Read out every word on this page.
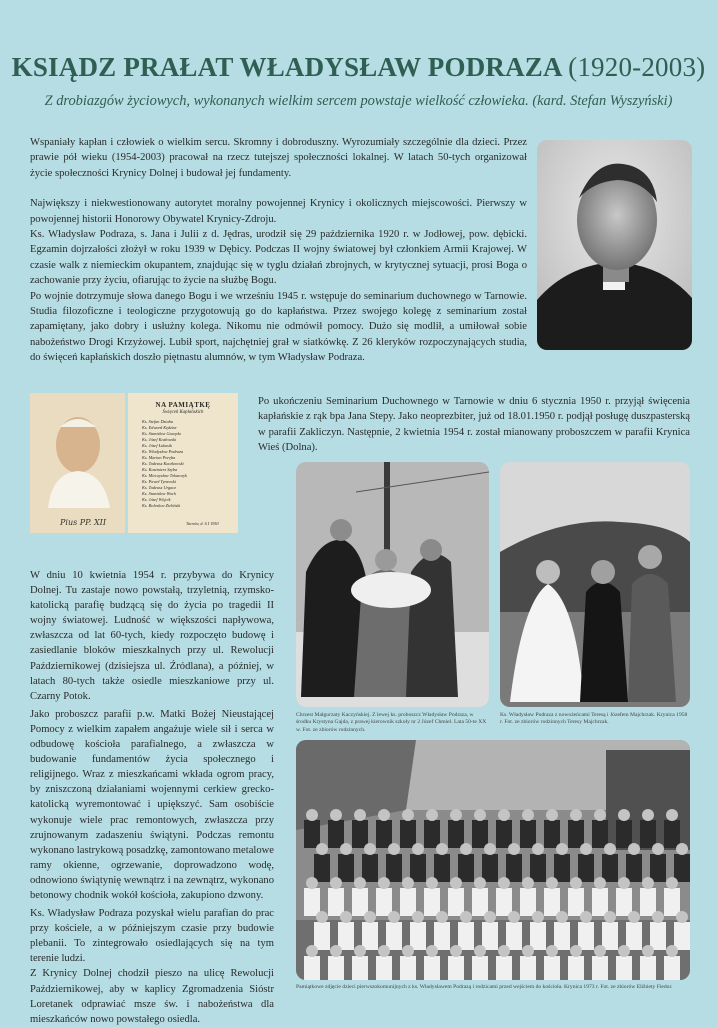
KSIĄDZ PRAŁAT WŁADYSŁAW PODRAZA (1920-2003)
Z drobiazgów życiowych, wykonanych wielkim sercem powstaje wielkość człowieka. (kard. Stefan Wyszyński)

Wspaniały kapłan i człowiek o wielkim sercu. Skromny i dobroduszny. Wyrozumiały szczególnie dla dzieci. Przez prawie pół wieku (1954-2003) pracował na rzecz tutejszej społeczności lokalnej. W latach 50-tych organizował życie społeczności Krynicy Dolnej i budował jej fundamenty.

Największy i niekwestionowany autorytet moralny powojennej Krynicy i okolicznych miejscowości. Pierwszy w powojennej historii Honorowy Obywatel Krynicy-Zdroju.

Ks. Władysław Podraza, s. Jana i Julii z d. Jędras, urodził się 29 października 1920 r. w Jodłowej, pow. dębicki. Egzamin dojrzałości złożył w roku 1939 w Dębicy. Podczas II wojny światowej był członkiem Armii Krajowej. W czasie walk z niemieckim okupantem, znajdując się w tyglu działań zbrojnych, w krytycznej sytuacji, prosi Boga o zachowanie przy życiu, ofiarując to życie na służbę Bogu.

Po wojnie dotrzymuje słowa danego Bogu i we wrześniu 1945 r. wstępuje do seminarium duchownego w Tarnowie. Studia filozoficzne i teologiczne przygotowują go do kapłaństwa. Przez swojego kolegę z seminarium został zapamiętany, jako dobry i usłużny kolega. Nikomu nie odmówił pomocy. Dużo się modlił, a umiłował sobie nabożeństwo Drogi Krzyżowej. Lubił sport, najchętniej grał w siatkówkę. Z 26 kleryków rozpoczynających studia, do święceń kapłańskich doszło piętnastu alumnów, w tym Władysław Podraza.

Pius PP. XII
NA PAMIĄTKĘ
Święceń Kapłańskich
Ks. Stefan Dziuba
Ks. Edward Kędzior
Ks. Stanisław Gawęda
Ks. Józef Kozłowski
Ks. Józef Łukasik
Ks. Władysław Podraza
Ks. Marian Poręba
Ks. Tadeusz Kaczkowski
Ks. Kazimierz Szyba
Ks. Mieczysław Tokarczyk
Ks. Paweł Tyrawski
Ks. Tadeusz Urgacz
Ks. Stanisław Wach
Ks. Józef Wójcik
Ks. Bolesław Zieliński
Tarnów, d. 6 I 1950
Po ukończeniu Seminarium Duchownego w Tarnowie w dniu 6 stycznia 1950 r. przyjął święcenia kapłańskie z rąk bpa Jana Stepy. Jako neoprezbiter, już od 18.01.1950 r. podjął posługę duszpasterską w parafii Zakliczyn. Następnie, 2 kwietnia 1954 r. został mianowany proboszczem w parafii Krynica Wieś (Dolna).

W dniu 10 kwietnia 1954 r. przybywa do Krynicy Dolnej. Tu zastaje nowo powstałą, trzyletnią, rzymsko-katolicką parafię budzącą się do życia po tragedii II wojny światowej. Ludność w większości napływowa, zwłaszcza od lat 60-tych, kiedy rozpoczęto budowę i zasiedlanie bloków mieszkalnych przy ul. Rewolucji Październikowej (dzisiejsza ul. Źródlana), a później, w latach 80-tych także osiedle mieszkaniowe przy ul. Czarny Potok.

Jako proboszcz parafii p.w. Matki Bożej Nieustającej Pomocy z wielkim zapałem angażuje wiele sił i serca w odbudowę kościoła parafialnego, a zwłaszcza w budowanie fundamentów życia społecznego i religijnego. Wraz z mieszkańcami wkłada ogrom pracy, by zniszczoną działaniami wojennymi cerkiew grecko-katolicką wyremontować i upiększyć. Sam osobiście wykonuje wiele prac remontowych, zwłaszcza przy zrujnowanym zadaszeniu świątyni. Podczas remontu wykonano lastrykową posadzkę, zamontowano metalowe ramy okienne, ogrzewanie, doprowadzono wodę, odnowiono świątynię wewnątrz i na zewnątrz, wykonano betonowy chodnik wokół kościoła, zakupiono dzwony.

Ks. Władysław Podraza pozyskał wielu parafian do prac przy kościele, a w późniejszym czasie przy budowie plebanii. To zintegrowało osiedlających się na tym terenie ludzi.

Z Krynicy Dolnej chodził pieszo na ulicę Rewolucji Październikowej, aby w kaplicy Zgromadzenia Sióstr Loretanek odprawiać msze św. i nabożeństwa dla mieszkańców nowo powstałego osiedla.

Chrzest Małgorzaty Kaczyńskiej. Z lewej ks. proboszcz Władysław Podraza, w środku Krystyna Gajda, z prawej kierownik szkoły nr 2 Józef Chmiel. Lata 50-te XX w. Fot. ze zbiorów rodzinnych.
Ks. Władysław Podraza z nowożeńcami Teresą i Józefem Majchrzak. Krynica 1958 r. Fot. ze zbiorów rodzinnych Teresy Majchrzak.
Pamiątkowe zdjęcie dzieci pierwszokomunijnych z ks. Władysławem Podrazą i rodzicami przed wejściem do kościoła. Krynica 1973 r. Fot. ze zbiorów Elżbiety Fiedor.
